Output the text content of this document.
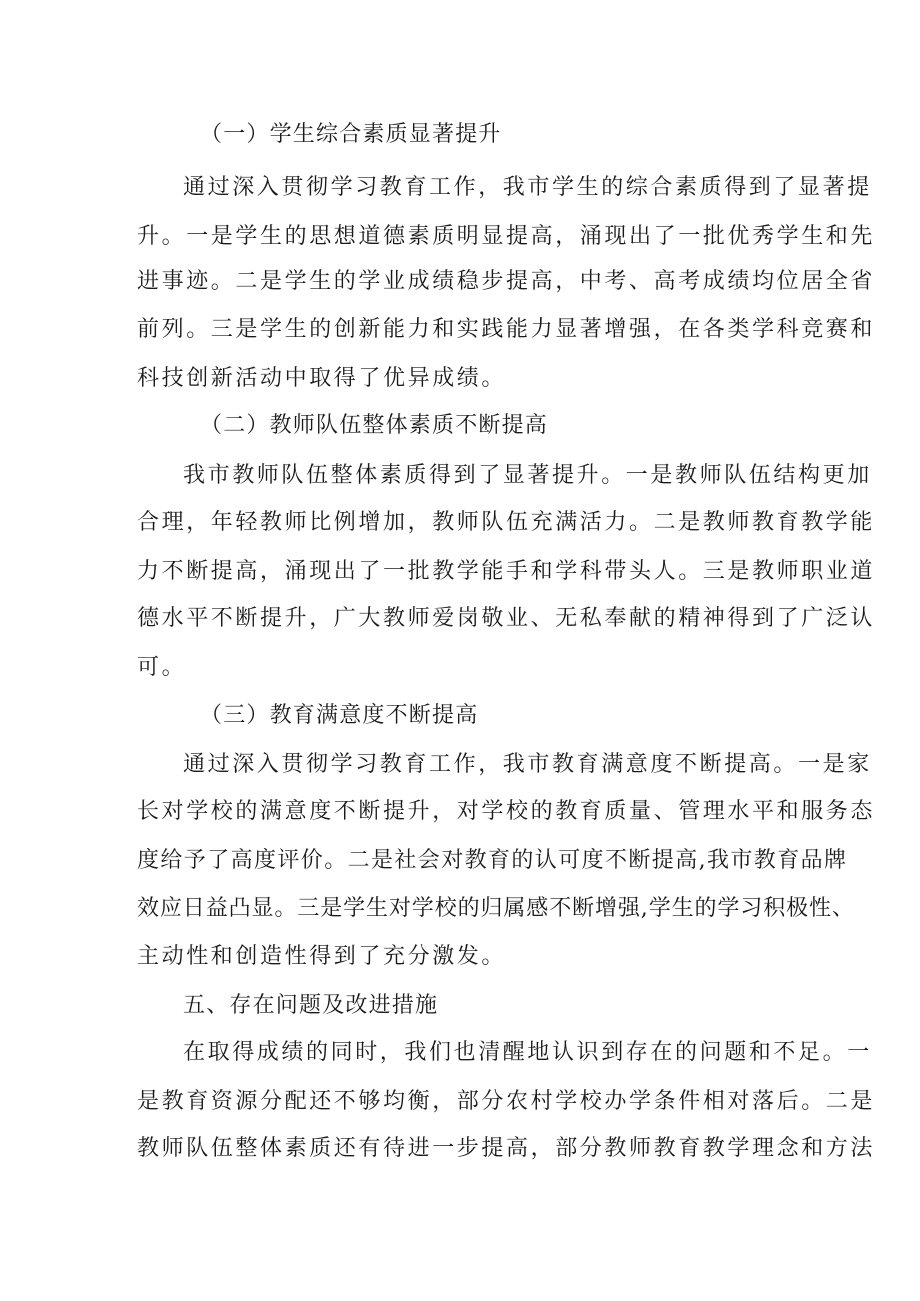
（一）学生综合素质显著提升
通过深入贯彻学习教育工作，我市学生的综合素质得到了显著提
升。一是学生的思想道德素质明显提高，涌现出了一批优秀学生和先
进事迹。二是学生的学业成绩稳步提高，中考、高考成绩均位居全省
前列。三是学生的创新能力和实践能力显著增强，在各类学科竞赛和
科技创新活动中取得了优异成绩。
（二）教师队伍整体素质不断提高
我市教师队伍整体素质得到了显著提升。一是教师队伍结构更加
合理，年轻教师比例增加，教师队伍充满活力。二是教师教育教学能
力不断提高，涌现出了一批教学能手和学科带头人。三是教师职业道
德水平不断提升，广大教师爱岗敬业、无私奉献的精神得到了广泛认
可。
（三）教育满意度不断提高
通过深入贯彻学习教育工作，我市教育满意度不断提高。一是家
长对学校的满意度不断提升，对学校的教育质量、管理水平和服务态
度给予了高度评价。二是社会对教育的认可度不断提高,我市教育品牌
效应日益凸显。三是学生对学校的归属感不断增强,学生的学习积极性、
主动性和创造性得到了充分激发。
五、存在问题及改进措施
在取得成绩的同时，我们也清醒地认识到存在的问题和不足。一
是教育资源分配还不够均衡，部分农村学校办学条件相对落后。二是
教师队伍整体素质还有待进一步提高，部分教师教育教学理念和方法
